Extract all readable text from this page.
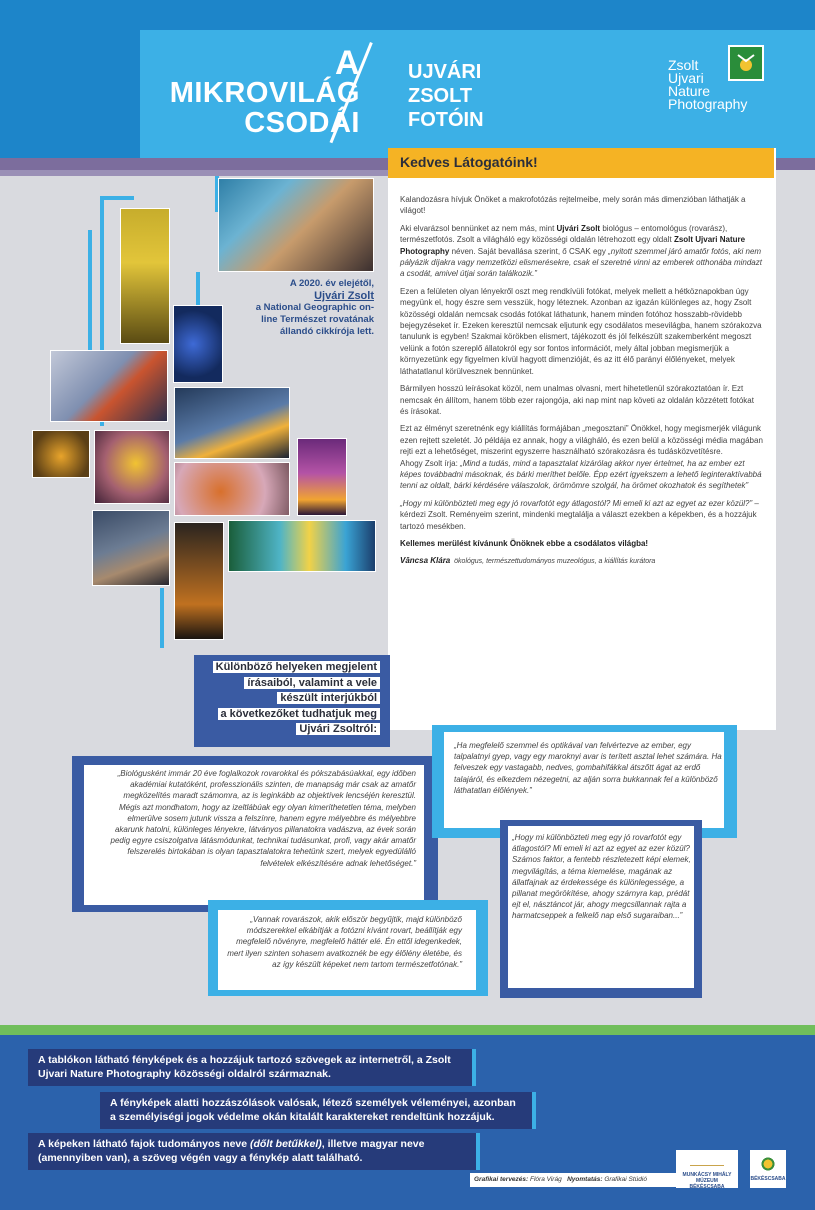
A
MIKROVILÁG
CSODÁI
UJVÁRI
ZSOLT
FOTÓIN
Zsolt
Ujvari
Nature
Photography
A 2020. év elejétől,
Ujvári Zsolt
a National Geographic on-line Természet rovatának állandó cikkírója lett.
Kedves Látogatóink!

Kalandozásra hívjuk Önöket a makrofotózás rejtelmeibe, mely során más dimenzióban láthatják a világot!

Aki elvarázsol bennünket az nem más, mint Ujvári Zsolt biológus – entomológus (rovarász), természetfotós. Zsolt a világháló egy közösségi oldalán létrehozott egy oldalt Zsolt Ujvari Nature Photography néven. Saját bevallása szerint, ő CSAK egy „nyitott szemmel járó amatőr fotós, aki nem pályázik díjakra vagy nemzetközi elismerésekre, csak el szeretné vinni az emberek otthonába mindazt a csodát, amivel útjai során találkozik.”

Ezen a felületen olyan lényekről oszt meg rendkívüli fotókat, melyek mellett a hétköznapokban úgy megyünk el, hogy észre sem vesszük, hogy léteznek. Azonban az igazán különleges az, hogy Zsolt közösségi oldalán nemcsak csodás fotókat láthatunk, hanem minden fotóhoz hosszabb-rövidebb bejegyzéseket ír. Ezeken keresztül nemcsak eljutunk egy csodálatos mesevilágba, hanem szórakozva tanulunk is egyben! Szakmai körökben elismert, tájékozott és jól felkészült szakemberként megoszt velünk a fotón szereplő állatokról egy sor fontos információt, mely által jobban megismerjük a környezetünk egy figyelmen kívül hagyott dimenzióját, és az itt élő parányi élőlényeket, melyek láthatatlanul körülvesznek bennünket.

Bármilyen hosszú leírásokat közöl, nem unalmas olvasni, mert hihetetlenül szórakoztatóan ír. Ezt nemcsak én állítom, hanem több ezer rajongója, aki nap mint nap követi az oldalán közzétett fotókat és írásokat.

Ezt az élményt szeretnénk egy kiállítás formájában „megosztani” Önökkel, hogy megismerjék világunk ezen rejtett szeletét. Jó példája ez annak, hogy a világháló, és ezen belül a közösségi média magában rejti ezt a lehetőséget, miszerint egyszerre használható szórakozásra és tudásközvetítésre.

Ahogy Zsolt írja: „Mind a tudás, mind a tapasztalat kizárólag akkor nyer értelmet, ha az ember ezt képes továbbadni másoknak, és bárki meríthet belőle. Épp ezért igyekszem a lehető leginteraktívabbá tenni az oldalt, bárki kérdésére válaszolok, örömömre szolgál, ha örömet okozhatok és segíthetek”

„Hogy mi különbözteti meg egy jó rovarfotót egy átlagostól? Mi emeli ki azt az egyet az ezer közül?” – kérdezi Zsolt. Reményeim szerint, mindenki megtalálja a választ ezekben a képekben, és a hozzájuk tartozó mesékben.

Kellemes merülést kívánunk Önöknek ebbe a csodálatos világba!

Vāncsa Klára ökológus, természettudományos muzeológus, a kiállítás kurátora

Különböző helyeken megjelent
írásaiból, valamint a vele
készült interjúkból
a következőket tudhatjuk meg
Ujvári Zsoltról:
„Biológusként immár 20 éve foglalkozok rovarokkal és pókszabásúakkal, egy időben akadémiai kutatóként, professzionális szinten, de manapság már csak az amatőr megközelítés maradt számomra, az is leginkább az objektívek lencséjén keresztül. Mégis azt mondhatom, hogy az izeltlábúak egy olyan kimeríthetetlen téma, melyben elmerülve sosem jutunk vissza a felszínre, hanem egyre mélyebbre és mélyebbre akarunk hatolni, különleges lényekre, látványos pillanatokra vadászva, az évek során pedig egyre csiszolgatva látásmódunkat, technikai tudásunkat, profi, vagy akár amatőr felszerelés birtokában is olyan tapasztalatokra tehetünk szert, melyek egyedülálló felvételek elkészítésére adnak lehetőséget.”
„Vannak rovarászok, akik először begyűjtik, majd különböző módszerekkel elkábítják a fotózni kívánt rovart, beállítják egy megfelelő növényre, megfelelő háttér elé. Én ettől idegenkedek, mert ilyen szinten sohasem avatkoznék be egy élőlény életébe, és az így készült képeket nem tartom természetfotónak.”
„Ha megfelelő szemmel és optikával van felvértezve az ember, egy talpalatnyi gyep, vagy egy maroknyi avar is terített asztal lehet számára. Ha felveszek egy vastagabb, nedves, gombahifákkal átszőtt ágat az erdő talajáról, és elkezdem nézegetni, az alján sorra bukkannak fel a különböző láthatatlan élőlények.”
„Hogy mi különbözteti meg egy jó rovarfotót egy átlagostól? Mi emeli ki azt az egyet az ezer közül? Számos faktor, a fentebb részletezett képi elemek, megvilágítás, a téma kiemelése, magának az állatfajnak az érdekessége és különlegessége, a pillanat megörökítése, ahogy szárnyra kap, prédát ejt el, násztáncot jár, ahogy megcsillannak rajta a harmatcseppek a felkelő nap első sugaraiban...”
A tablókon látható fényképek és a hozzájuk tartozó szövegek az internetről, a Zsolt Ujvari Nature Photography közösségi oldalról származnak.
A fényképek alatti hozzászólások valósak, létező személyek véleményei, azonban a személyiségi jogok védelme okán kitalált karaktereket rendeltünk hozzájuk.
A képeken látható fajok tudományos neve (dőlt betűkkel), illetve magyar neve (amennyiben van), a szöveg végén vagy a fénykép alatt található.
Grafikai tervezés: Flóra Virág Nyomtatás: Grafikai Stúdió
MUNKÁCSY MIHÁLY MÚZEUM
BÉKÉSCSABA
BÉKÉSCSABA
